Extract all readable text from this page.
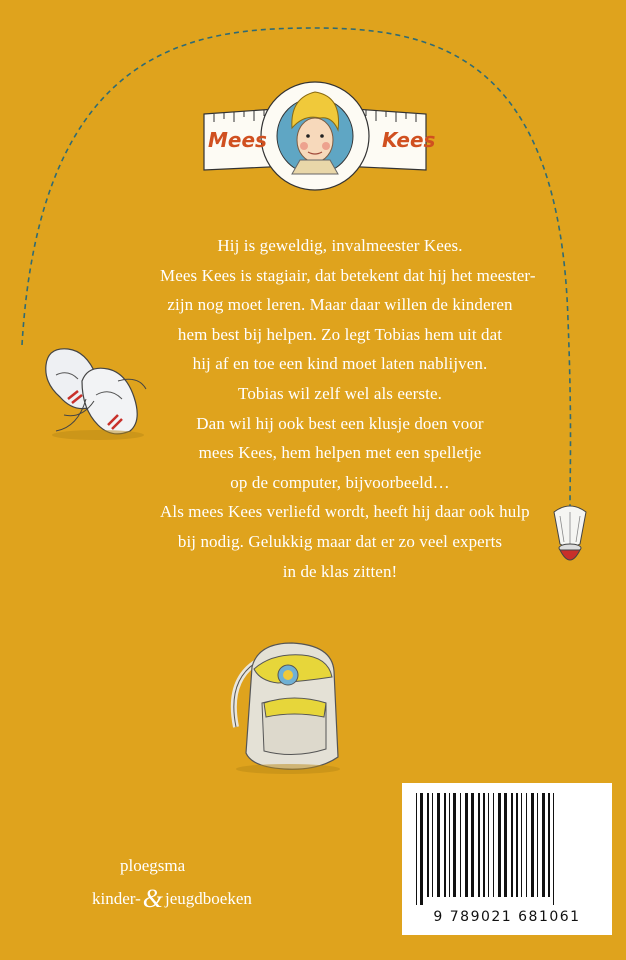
Mees	Kees
Hij is geweldig, invalmeester Kees.
Mees Kees is stagiair, dat betekent dat hij het meester-
zijn nog moet leren. Maar daar willen de kinderen
hem best bij helpen. Zo legt Tobias hem uit dat
hij af en toe een kind moet laten nablijven.
Tobias wil zelf wel als eerste.
Dan wil hij ook best een klusje doen voor
mees Kees, hem helpen met een spelletje
op de computer, bijvoorbeeld…
Als mees Kees verliefd wordt, heeft hij daar ook hulp
bij nodig. Gelukkig maar dat er zo veel experts
in de klas zitten!
9 789021 681061
ploegsma
kinder-& jeugdboeken
